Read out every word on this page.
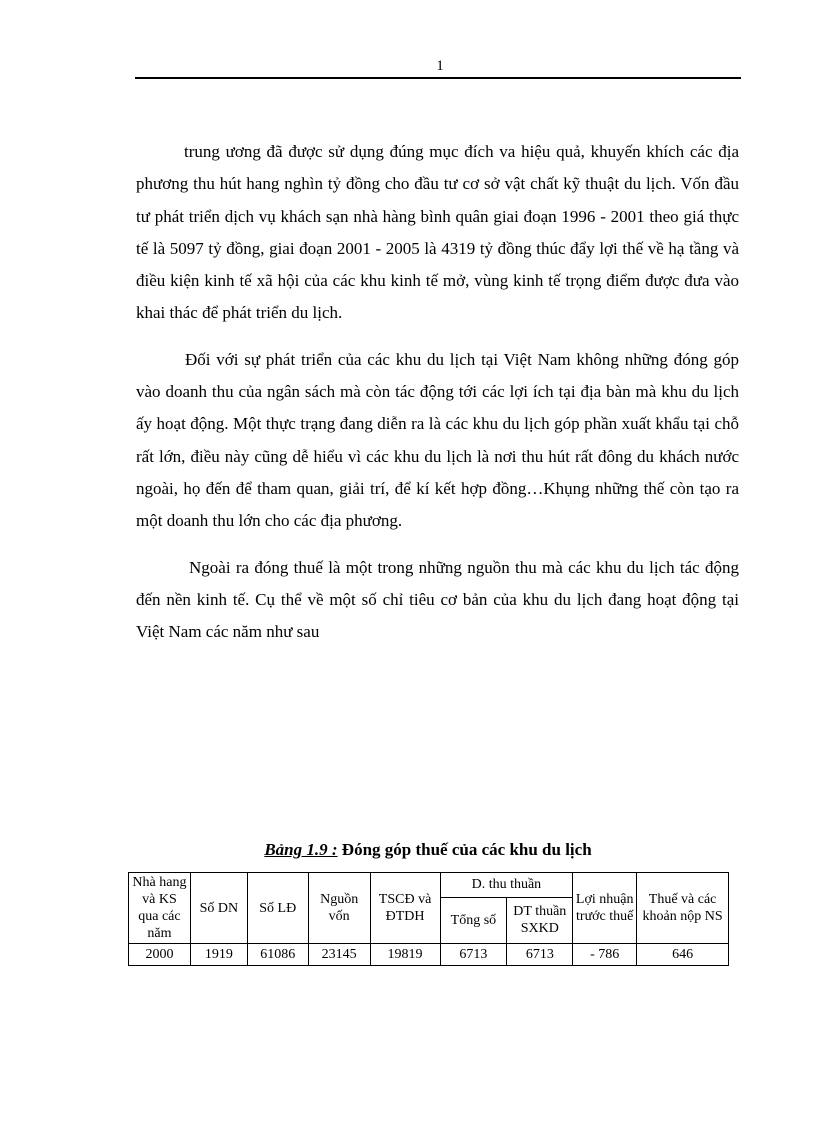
1

trung ương đã được sử dụng đúng mục đích va hiệu quả, khuyến khích các địa phương thu hút hang nghìn tỷ đồng cho đầu tư cơ sở vật chất kỹ thuật du lịch. Vốn đầu tư phát triển dịch vụ khách sạn nhà hàng bình quân giai đoạn 1996 - 2001 theo giá thực tế là 5097 tỷ đồng, giai đoạn 2001 - 2005 là 4319 tỷ đồng thúc đẩy lợi thế về hạ tầng và điều kiện kinh tế xã hội của các khu kinh tế mở, vùng kinh tế trọng điểm được đưa vào khai thác để phát triển du lịch.

Đối với sự phát triển của các khu du lịch tại Việt Nam không những đóng góp vào doanh thu của ngân sách mà còn tác động tới các lợi ích tại địa bàn mà khu du lịch ấy hoạt động. Một thực trạng đang diễn ra là các khu du lịch góp phần xuất khẩu tại chỗ rất lớn, điều này cũng dễ hiểu vì các khu du lịch là nơi thu hút rất đông du khách nước ngoài, họ đến để tham quan, giải trí, để kí kết hợp đồng…Khụng những thế còn tạo ra một doanh thu lớn cho các địa phương.

Ngoài ra đóng thuế là một trong những nguồn thu mà các khu du lịch tác động đến nền kinh tế. Cụ thể về một số chỉ tiêu cơ bản của khu du lịch đang hoạt động tại Việt Nam các năm như sau

Bảng 1.9 : Đóng góp thuế của các khu du lịch
Nhà hang và KS qua các năm	Số DN	Số LĐ	Nguồn vốn	TSCĐ và ĐTDH	D. thu thuần		Lợi nhuận trước thuế	Thuế và các khoản nộp NS
					Tổng số	DT thuần SXKD		
2000	1919	61086	23145	19819	6713	6713	- 786	646
